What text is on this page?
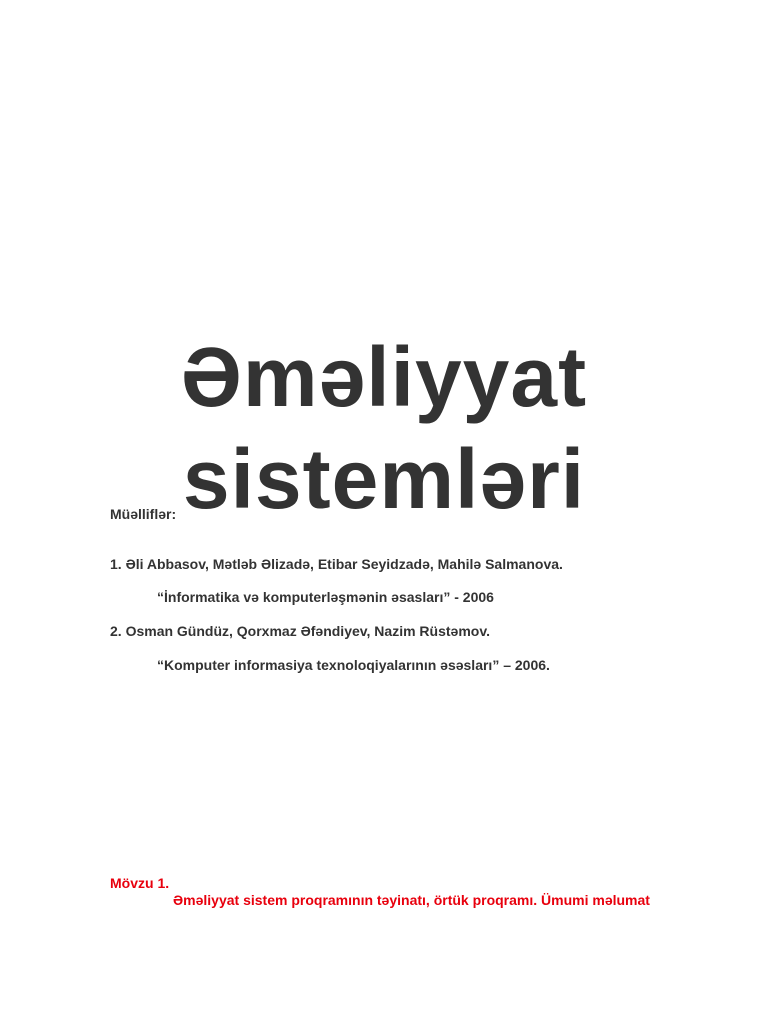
Əməliyyat
sistemləri
Müəlliflər:
1. Əli Abbasov, Mətləb Əlizadə, Etibar Seyidzadə, Mahilə Salmanova.
“İnformatika və komputerləşmənin əsasları” - 2006
2. Osman Gündüz, Qorxmaz Əfəndiyev, Nazim Rüstəmov.
“Komputer informasiya texnoloqiyalarının əsəsları” – 2006.
Mövzu 1.
Əməliyyat sistem proqramının təyinatı, örtük proqramı. Ümumi məlumat
